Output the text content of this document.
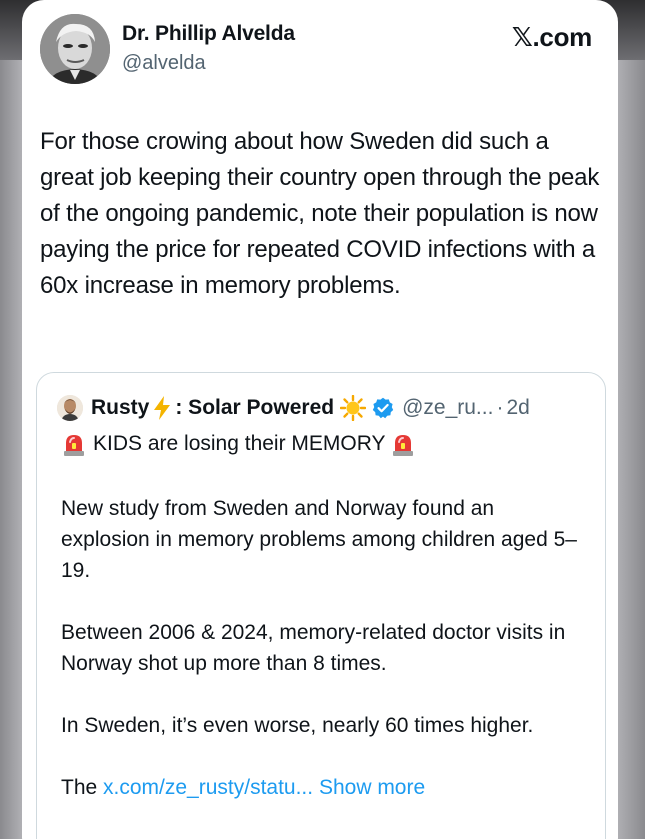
Dr. Phillip Alvelda
@alvelda
𝕏.com
For those crowing about how Sweden did such a great job keeping their country open through the peak of the ongoing pandemic, note their population is now paying the price for repeated COVID infections with a 60x increase in memory problems.
Rusty : Solar Powered	@ze_ru... · 2d
KIDS are losing their MEMORY

New study from Sweden and Norway found an explosion in memory problems among children aged 5–19.

Between 2006 & 2024, memory-related doctor visits in Norway shot up more than 8 times.

In Sweden, it’s even worse, nearly 60 times higher.

The x.com/ze_rusty/statu... Show more
